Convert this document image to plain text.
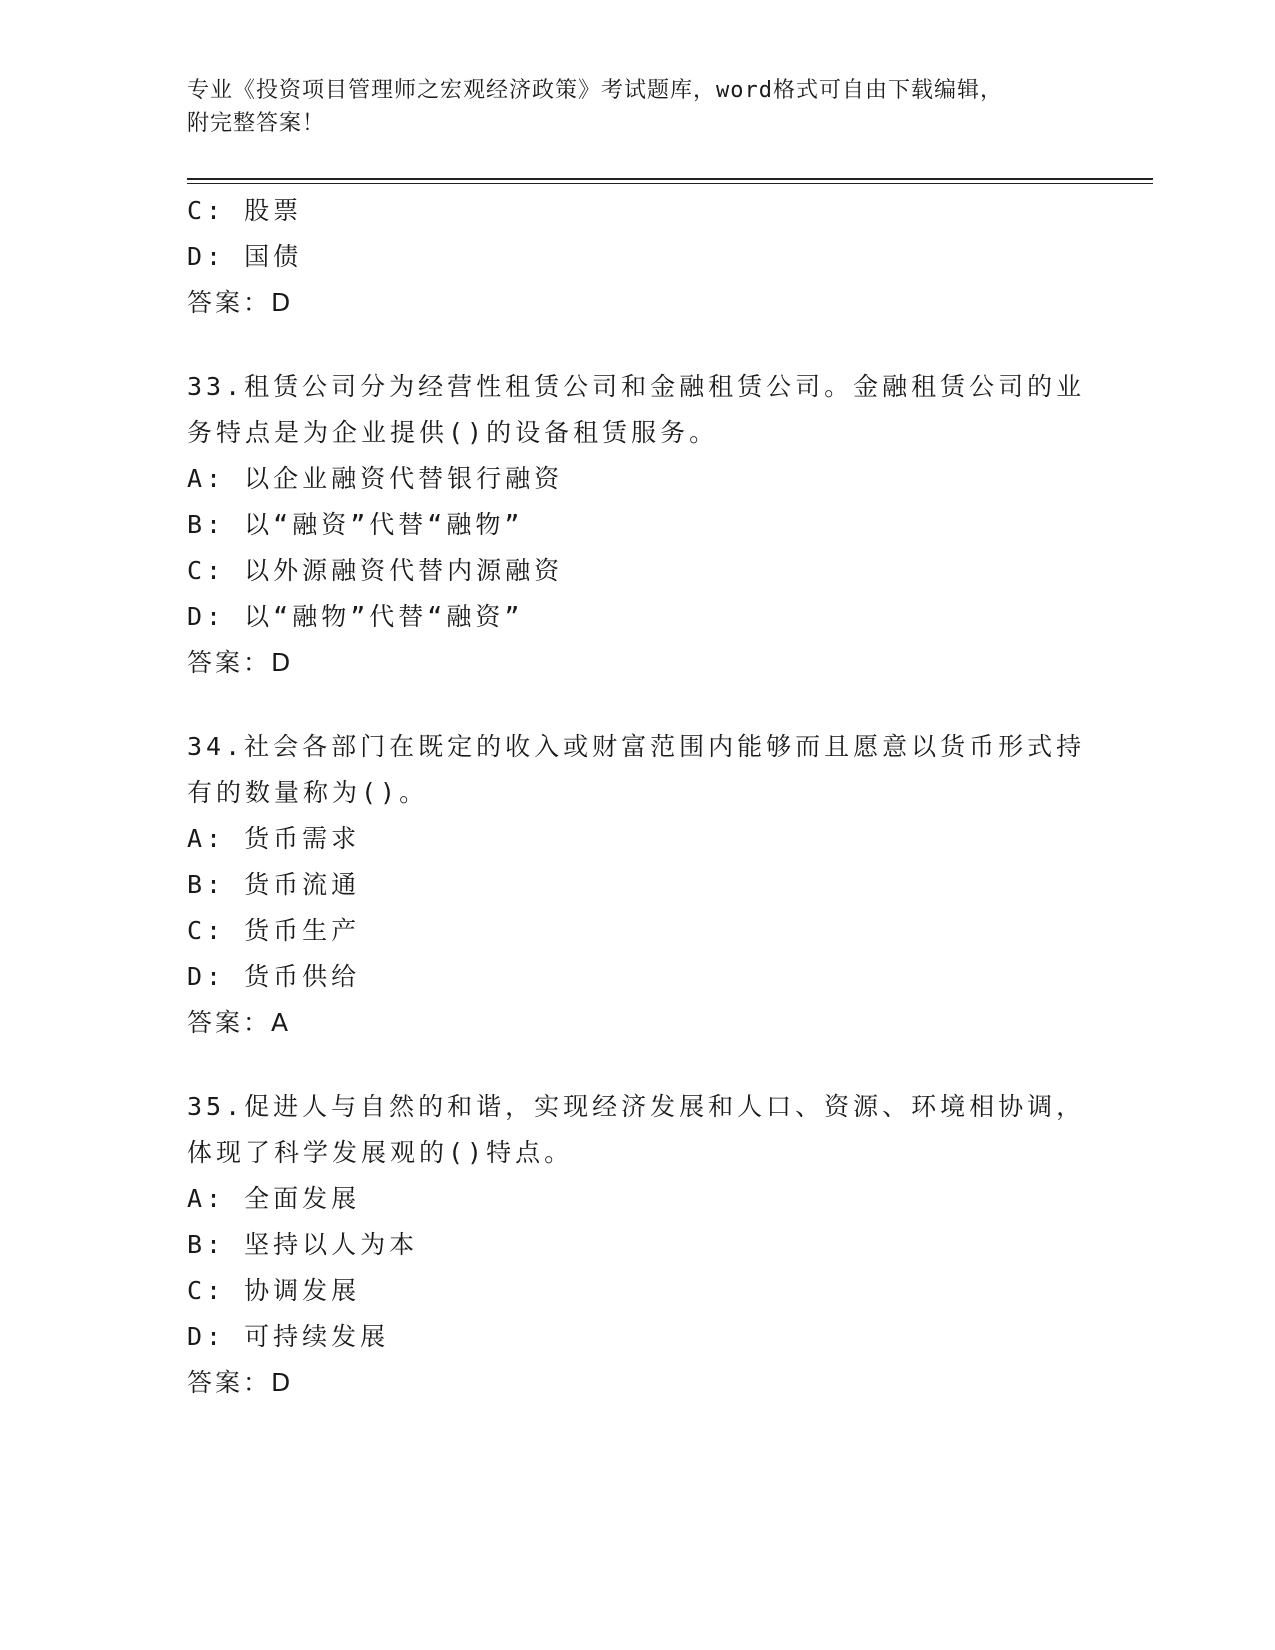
专业《投资项目管理师之宏观经济政策》考试题库，word格式可自由下载编辑，
附完整答案！
C: 股票
D: 国债
答案：D
33.租赁公司分为经营性租赁公司和金融租赁公司。金融租赁公司的业
务特点是为企业提供()的设备租赁服务。
A: 以企业融资代替银行融资
B: 以“融资”代替“融物”
C: 以外源融资代替内源融资
D: 以“融物”代替“融资”
答案：D
34.社会各部门在既定的收入或财富范围内能够而且愿意以货币形式持
有的数量称为()。
A: 货币需求
B: 货币流通
C: 货币生产
D: 货币供给
答案：A
35.促进人与自然的和谐，实现经济发展和人口、资源、环境相协调，
体现了科学发展观的()特点。
A: 全面发展
B: 坚持以人为本
C: 协调发展
D: 可持续发展
答案：D
